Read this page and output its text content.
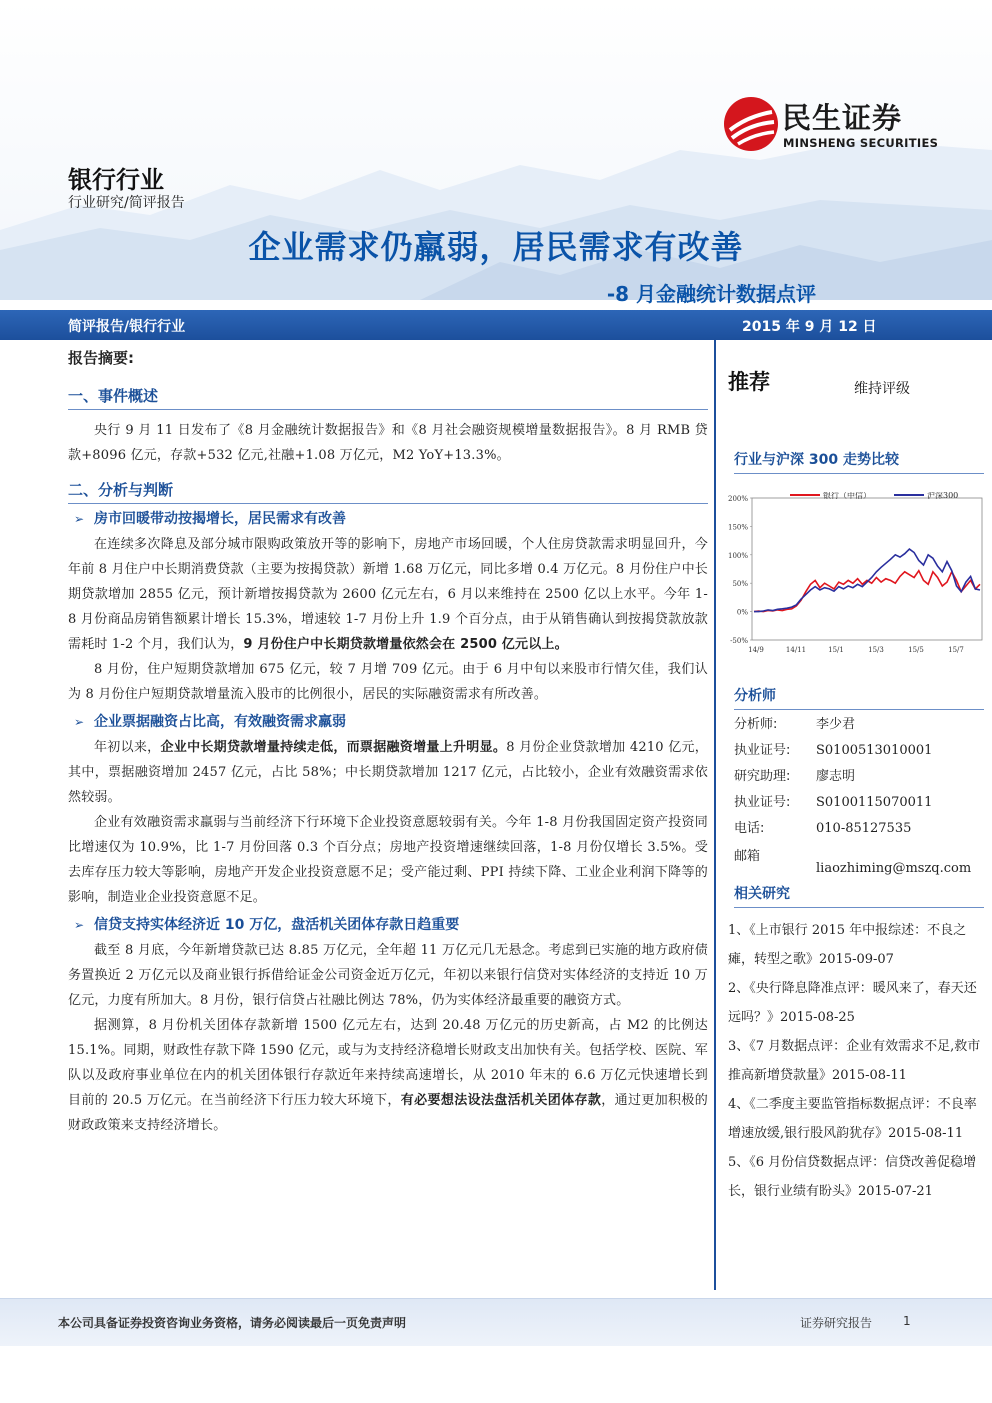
民生证券
MINSHENG SECURITIES
银行行业
行业研究/简评报告
企业需求仍羸弱，居民需求有改善
-8 月金融统计数据点评
简评报告/银行行业	2015 年 9 月 12 日
报告摘要:
一、事件概述

央行 9 月 11 日发布了《8 月金融统计数据报告》和《8 月社会融资规模增量数据报告》。8 月 RMB 贷款+8096 亿元，存款+532 亿元,社融+1.08 万亿元，M2 YoY+13.3%。

二、分析与判断
➢ 房市回暖带动按揭增长，居民需求有改善

在连续多次降息及部分城市限购政策放开等的影响下，房地产市场回暖，个人住房贷款需求明显回升，今年前 8 月住户中长期消费贷款（主要为按揭贷款）新增 1.68 万亿元，同比多增 0.4 万亿元。8 月份住户中长期贷款增加 2855 亿元，预计新增按揭贷款为 2600 亿元左右，6 月以来维持在 2500 亿以上水平。今年 1-8 月份商品房销售额累计增长 15.3%，增速较 1-7 月份上升 1.9 个百分点，由于从销售确认到按揭贷款放款需耗时 1-2 个月，我们认为，9 月份住户中长期贷款增量依然会在 2500 亿元以上。

8 月份，住户短期贷款增加 675 亿元，较 7 月增 709 亿元。由于 6 月中旬以来股市行情欠佳，我们认为 8 月份住户短期贷款增量流入股市的比例很小，居民的实际融资需求有所改善。

➢ 企业票据融资占比高，有效融资需求羸弱

年初以来，企业中长期贷款增量持续走低，而票据融资增量上升明显。8 月份企业贷款增加 4210 亿元，其中，票据融资增加 2457 亿元，占比 58%；中长期贷款增加 1217 亿元，占比较小，企业有效融资需求依然较弱。

企业有效融资需求羸弱与当前经济下行环境下企业投资意愿较弱有关。今年 1-8 月份我国固定资产投资同比增速仅为 10.9%，比 1-7 月份回落 0.3 个百分点；房地产投资增速继续回落，1-8 月份仅增长 3.5%。受去库存压力较大等影响，房地产开发企业投资意愿不足；受产能过剩、PPI 持续下降、工业企业利润下降等的影响，制造业企业投资意愿不足。

➢ 信贷支持实体经济近 10 万亿，盘活机关团体存款日趋重要

截至 8 月底，今年新增贷款已达 8.85 万亿元，全年超 11 万亿元几无悬念。考虑到已实施的地方政府债务置换近 2 万亿元以及商业银行拆借给证金公司资金近万亿元，年初以来银行信贷对实体经济的支持近 10 万亿元，力度有所加大。8 月份，银行信贷占社融比例达 78%，仍为实体经济最重要的融资方式。

据测算，8 月份机关团体存款新增 1500 亿元左右，达到 20.48 万亿元的历史新高，占 M2 的比例达 15.1%。同期，财政性存款下降 1590 亿元，或与为支持经济稳增长财政支出加快有关。包括学校、医院、军队以及政府事业单位在内的机关团体银行存款近年来持续高速增长，从 2010 年末的 6.6 万亿元快速增长到目前的 20.5 万亿元。在当前经济下行压力较大环境下，有必要想法设法盘活机关团体存款，通过更加积极的财政政策来支持经济增长。

推荐	维持评级
行业与沪深 300 走势比较
200%
150%
100%
50%
0%
-50%
14/9	14/11	15/1	15/3	15/5	15/7
银行（中信）	沪深300
分析师
分析师:	李少君
执业证号: S0100513010001
研究助理: 廖志明
执业证号: S0100115070011
电话:	010-85127535
邮箱
liaozhiming@mszq.com
相关研究
1、《上市银行 2015 年中报综述：不良之瘫，转型之歌》2015-09-07
2、《央行降息降准点评：暖风来了，春天还远吗？》2015-08-25
3、《7 月数据点评：企业有效需求不足,救市推高新增贷款量》2015-08-11
4、《二季度主要监管指标数据点评：不良率增速放缓,银行股风韵犹存》2015-08-11
5、《6 月份信贷数据点评：信贷改善促稳增长，银行业绩有盼头》2015-07-21
本公司具备证券投资咨询业务资格，请务必阅读最后一页免责声明	证券研究报告	1
